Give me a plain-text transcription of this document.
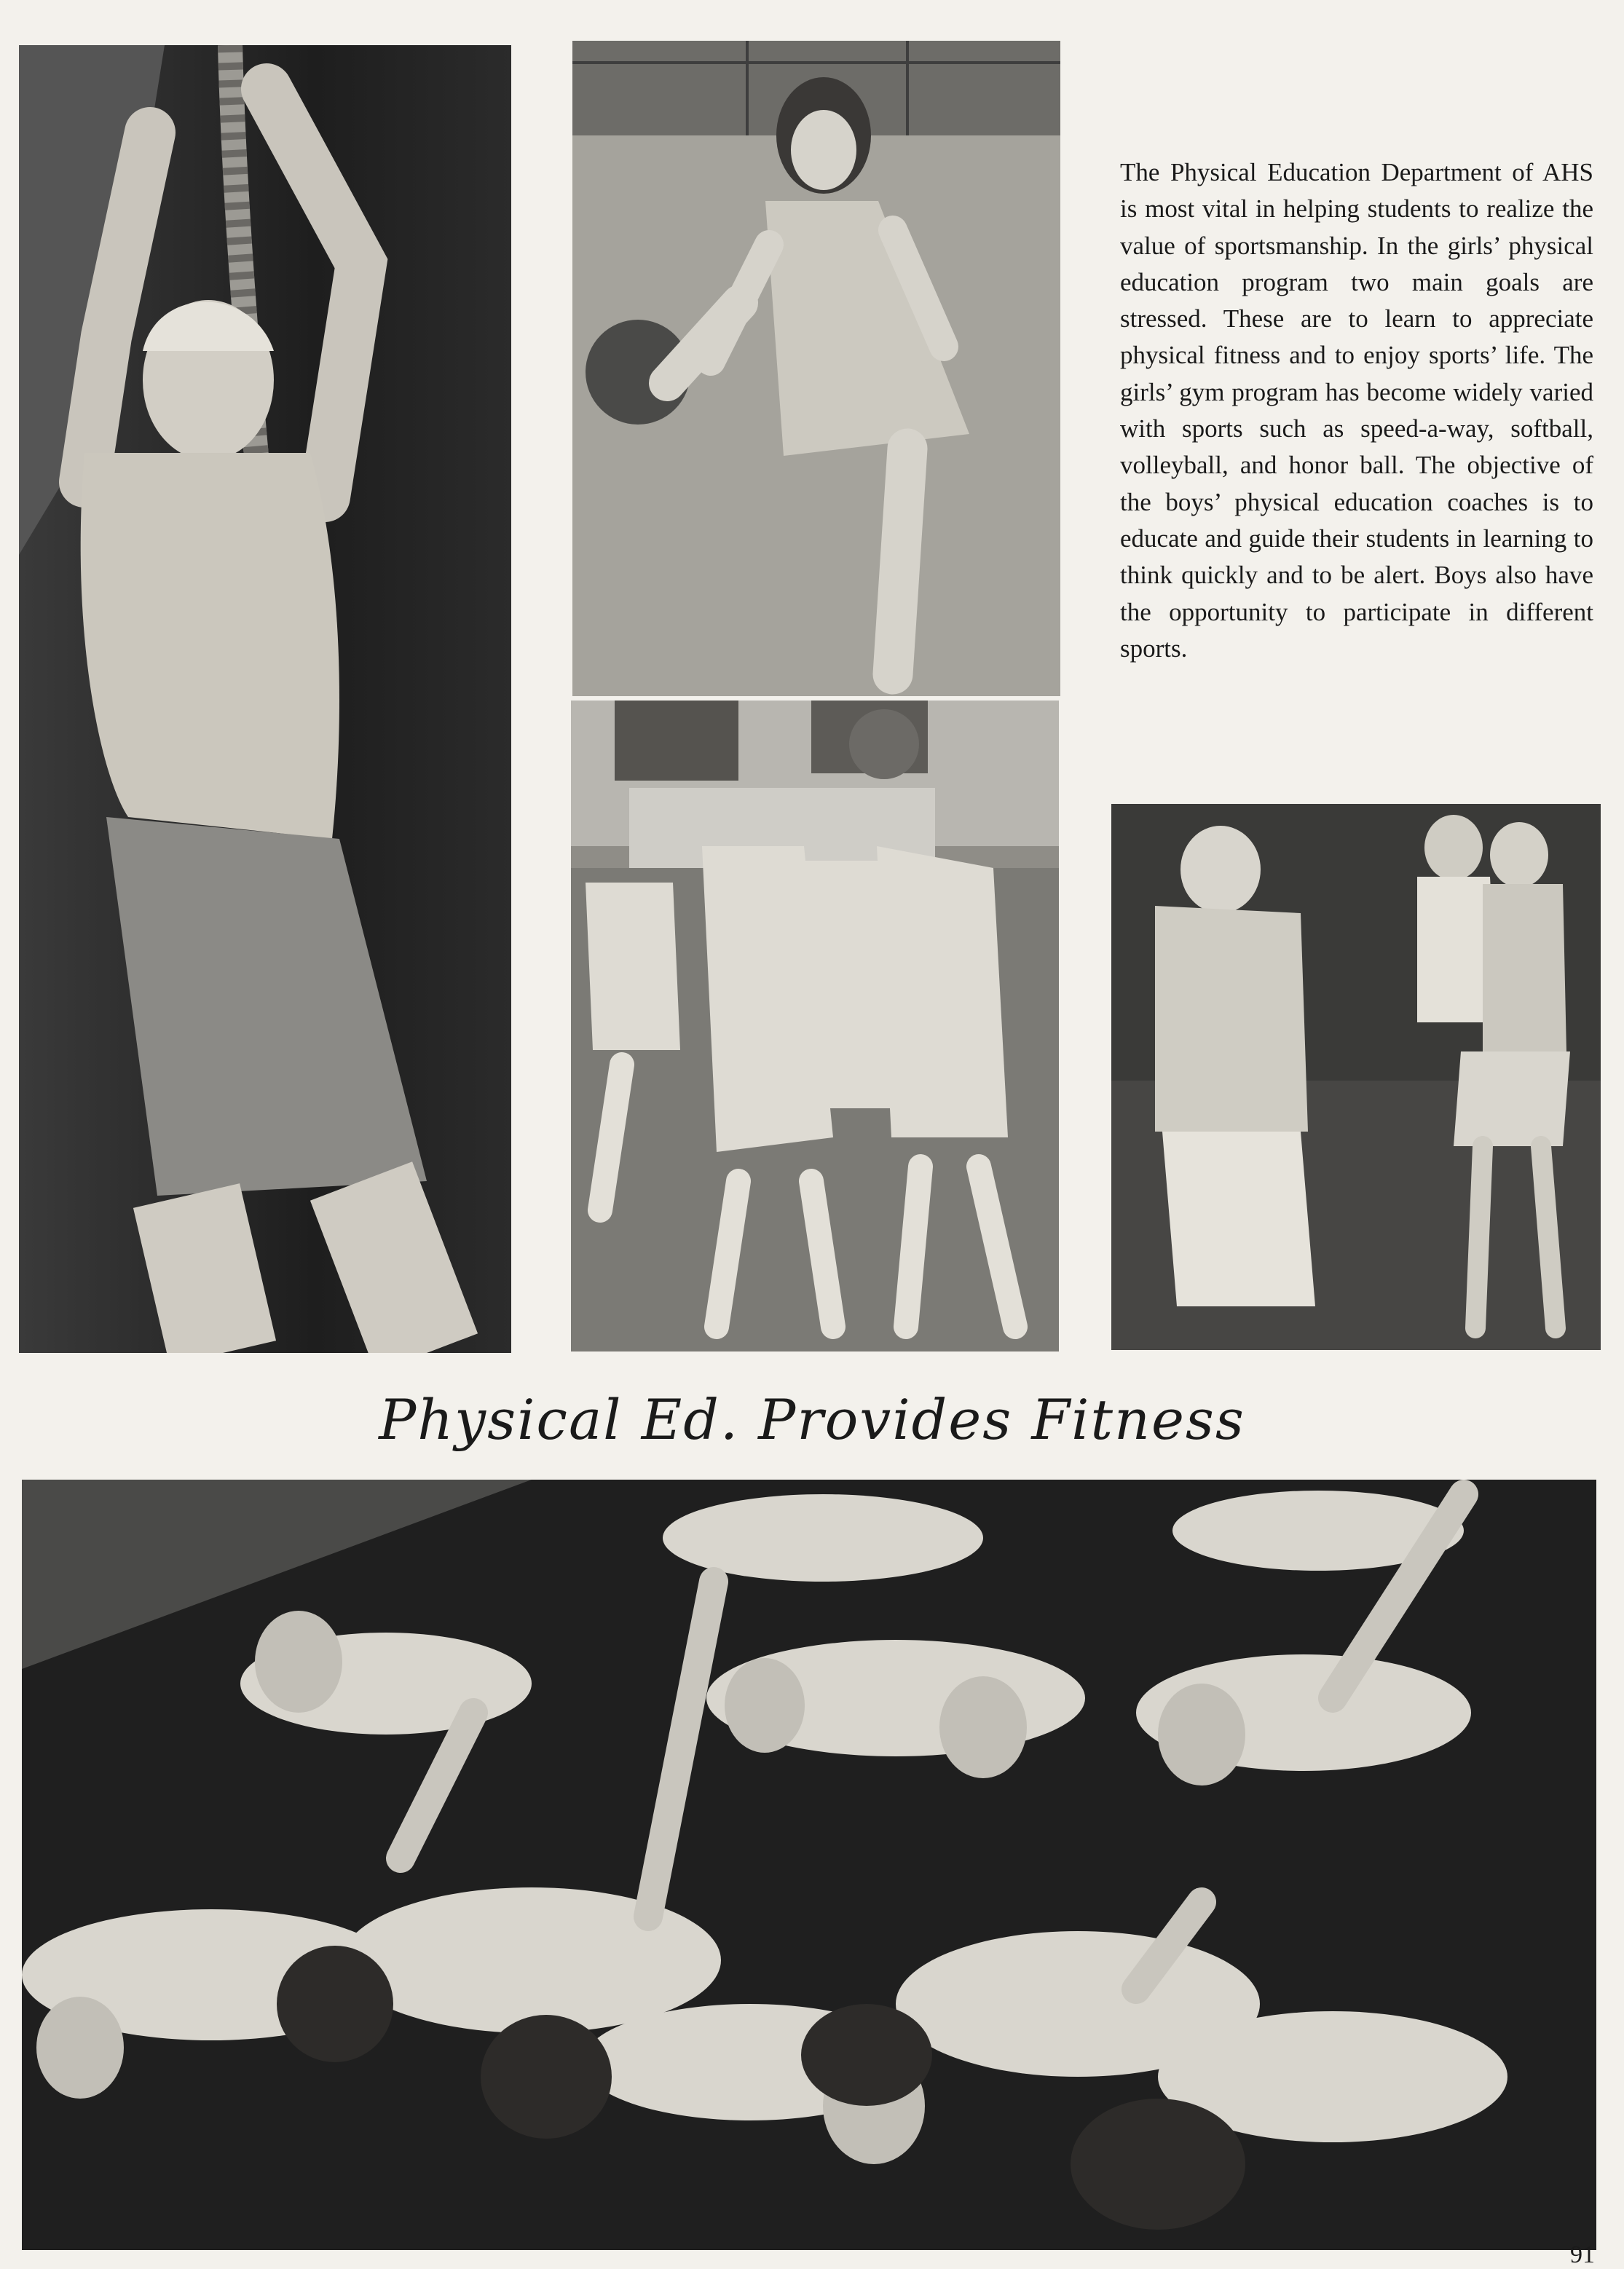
The Physical Education Department of AHS is most vital in helping students to realize the value of sportsmanship. In the girls’ physical education program two main goals are stressed. These are to learn to appreciate physical fitness and to enjoy sports’ life. The girls’ gym program has become widely varied with sports such as speed-a-way, softball, volleyball, and honor ball. The objective of the boys’ physical education coaches is to educate and guide their students in learning to think quickly and to be alert. Boys also have the opportunity to participate in different sports.

Physical Ed. Provides Fitness

91
